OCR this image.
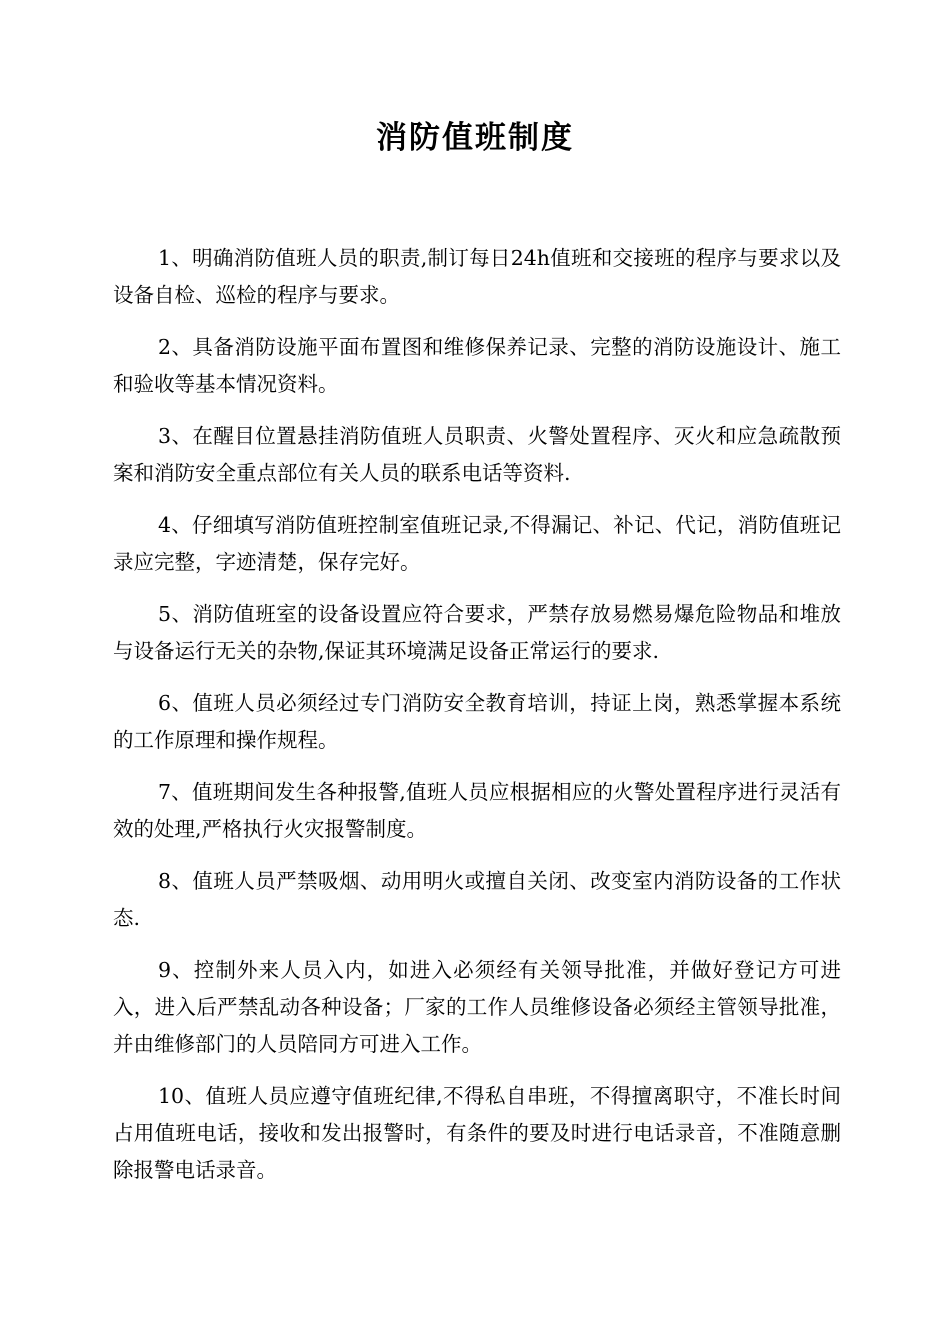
消防值班制度

1、明确消防值班人员的职责,制订每日24h值班和交接班的程序与要求以及设备自检、巡检的程序与要求。

2、具备消防设施平面布置图和维修保养记录、完整的消防设施设计、施工和验收等基本情况资料。

3、在醒目位置悬挂消防值班人员职责、火警处置程序、灭火和应急疏散预案和消防安全重点部位有关人员的联系电话等资料.

4、仔细填写消防值班控制室值班记录,不得漏记、补记、代记，消防值班记录应完整，字迹清楚，保存完好。

5、消防值班室的设备设置应符合要求，严禁存放易燃易爆危险物品和堆放与设备运行无关的杂物,保证其环境满足设备正常运行的要求.

6、值班人员必须经过专门消防安全教育培训，持证上岗，熟悉掌握本系统的工作原理和操作规程。

7、值班期间发生各种报警,值班人员应根据相应的火警处置程序进行灵活有效的处理,严格执行火灾报警制度。

8、值班人员严禁吸烟、动用明火或擅自关闭、改变室内消防设备的工作状态.

9、控制外来人员入内，如进入必须经有关领导批准，并做好登记方可进入，进入后严禁乱动各种设备；厂家的工作人员维修设备必须经主管领导批准，并由维修部门的人员陪同方可进入工作。

10、值班人员应遵守值班纪律,不得私自串班，不得擅离职守，不准长时间占用值班电话，接收和发出报警时，有条件的要及时进行电话录音，不准随意删除报警电话录音。
